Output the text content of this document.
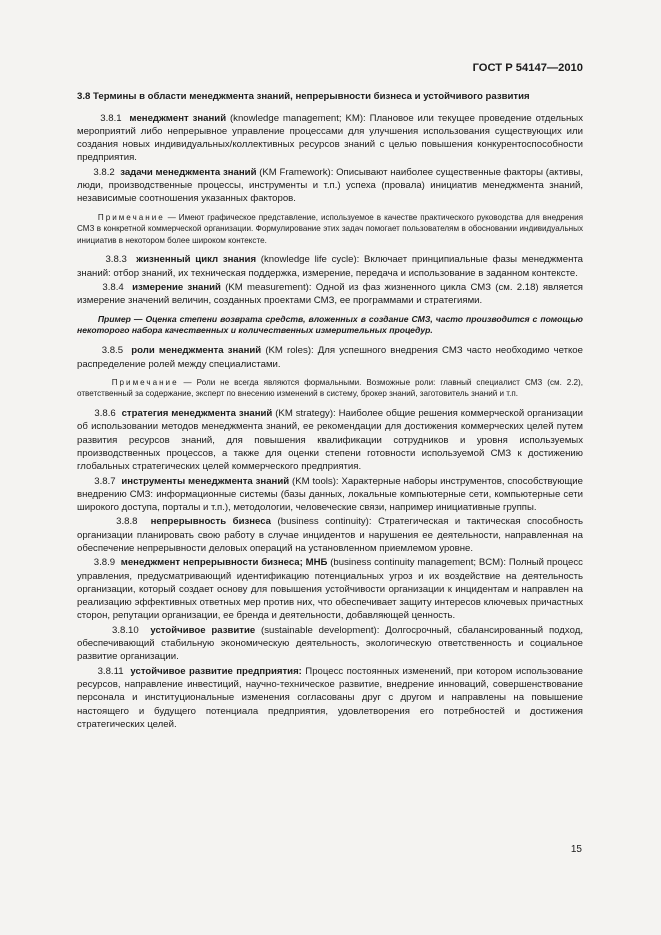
ГОСТ Р 54147—2010

3.8 Термины в области менеджмента знаний, непрерывности бизнеса и устойчивого развития

3.8.1 менеджмент знаний (knowledge management; KM): Плановое или текущее проведение отдельных мероприятий либо непрерывное управление процессами для улучшения использования существующих или создания новых индивидуальных/коллективных ресурсов знаний с целью повышения конкурентоспособности предприятия.

3.8.2 задачи менеджмента знаний (KM Framework): Описывают наиболее существенные факторы (активы, люди, производственные процессы, инструменты и т.п.) успеха (провала) инициатив менеджмента знаний, независимые соотношения указанных факторов.

Примечание — Имеют графическое представление, используемое в качестве практического руководства для внедрения СМЗ в конкретной коммерческой организации. Формулирование этих задач помогает пользователям в обосновании индивидуальных инициатив в некотором более широком контексте.

3.8.3 жизненный цикл знания (knowledge life cycle): Включает принципиальные фазы менеджмента знаний: отбор знаний, их техническая поддержка, измерение, передача и использование в заданном контексте.

3.8.4 измерение знаний (KM measurement): Одной из фаз жизненного цикла СМЗ (см. 2.18) является измерение значений величин, созданных проектами СМЗ, ее программами и стратегиями.

Пример — Оценка степени возврата средств, вложенных в создание СМЗ, часто производится с помощью некоторого набора качественных и количественных измерительных процедур.

3.8.5 роли менеджмента знаний (KM roles): Для успешного внедрения СМЗ часто необходимо четкое распределение ролей между специалистами.

Примечание — Роли не всегда являются формальными. Возможные роли: главный специалист СМЗ (см. 2.2), ответственный за содержание, эксперт по внесению изменений в систему, брокер знаний, заготовитель знаний и т.п.

3.8.6 стратегия менеджмента знаний (KM strategy): Наиболее общие решения коммерческой организации об использовании методов менеджмента знаний, ее рекомендации для достижения коммерческих целей путем развития ресурсов знаний, для повышения квалификации сотрудников и уровня используемых производственных процессов, а также для оценки степени готовности используемой СМЗ к достижению глобальных стратегических целей коммерческого предприятия.

3.8.7 инструменты менеджмента знаний (KM tools): Характерные наборы инструментов, способствующие внедрению СМЗ: информационные системы (базы данных, локальные компьютерные сети, компьютерные сети широкого доступа, порталы и т.п.), методологии, человеческие связи, например инициативные группы.

3.8.8 непрерывность бизнеса (business continuity): Стратегическая и тактическая способность организации планировать свою работу в случае инцидентов и нарушения ее деятельности, направленная на обеспечение непрерывности деловых операций на установленном приемлемом уровне.

3.8.9 менеджмент непрерывности бизнеса; МНБ (business continuity management; BCM): Полный процесс управления, предусматривающий идентификацию потенциальных угроз и их воздействие на деятельность организации, который создает основу для повышения устойчивости организации к инцидентам и направлен на реализацию эффективных ответных мер против них, что обеспечивает защиту интересов ключевых причастных сторон, репутации организации, ее бренда и деятельности, добавляющей ценность.

3.8.10 устойчивое развитие (sustainable development): Долгосрочный, сбалансированный подход, обеспечивающий стабильную экономическую деятельность, экологическую ответственность и социальное развитие организации.

3.8.11 устойчивое развитие предприятия: Процесс постоянных изменений, при котором использование ресурсов, направление инвестиций, научно-техническое развитие, внедрение инноваций, совершенствование персонала и институциональные изменения согласованы друг с другом и направлены на повышение настоящего и будущего потенциала предприятия, удовлетворения его потребностей и достижения стратегических целей.

15
